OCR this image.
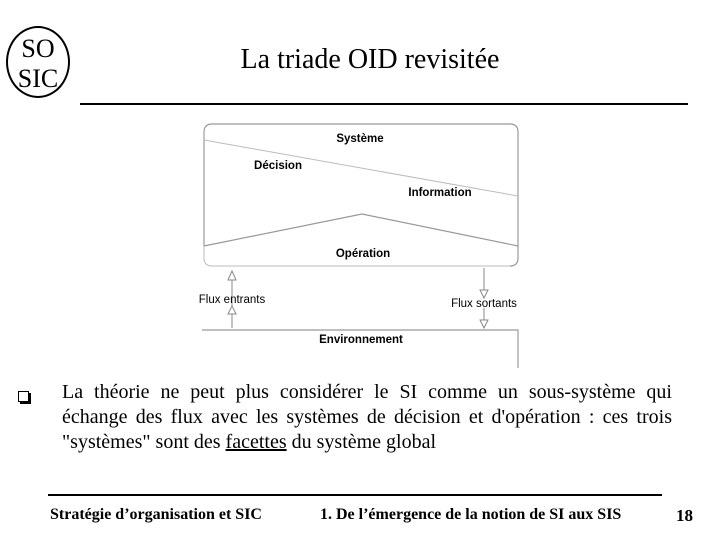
SO
SIC
La triade OID revisitée
Système
Décision
Information
Opération
Flux entrants	Flux sortants
Environnement
La théorie ne peut plus considérer le SI comme un sous-système qui échange des flux avec les systèmes de décision et d'opération : ces trois "systèmes" sont des facettes du système global
Stratégie d’organisation et SIC	1. De l’émergence de la notion de SI aux SIS	18
